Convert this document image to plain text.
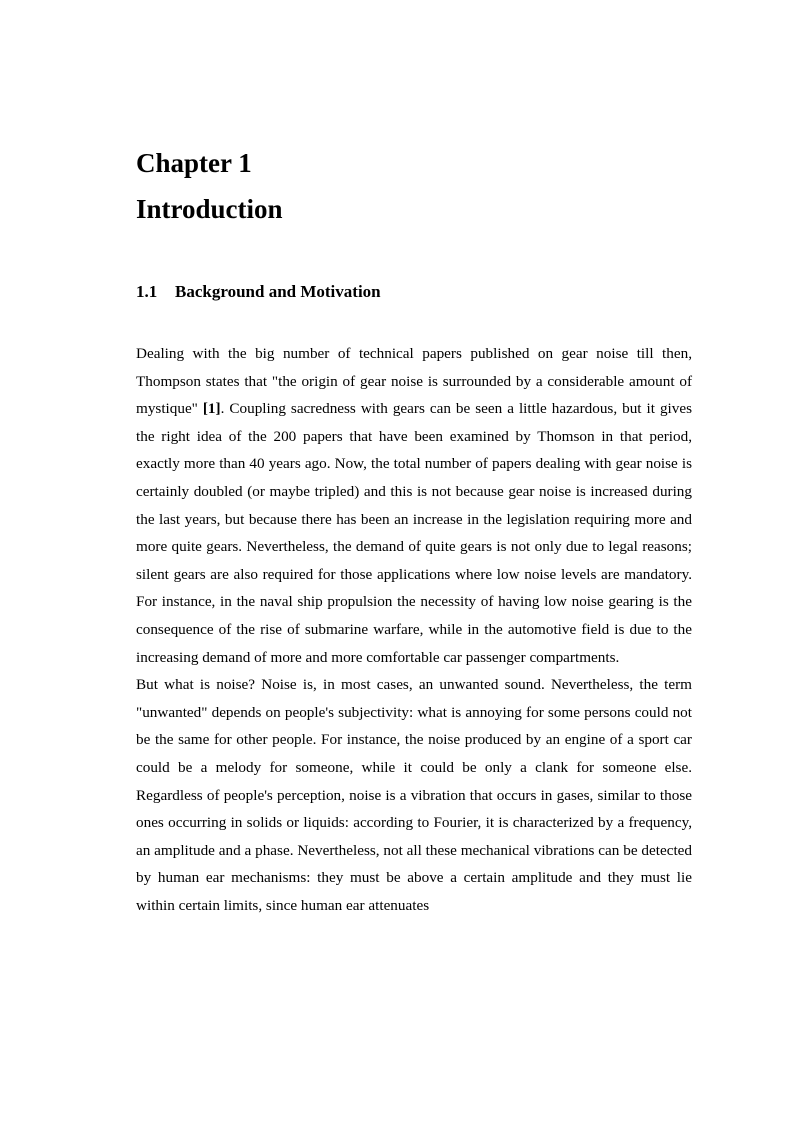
Chapter 1
Introduction
1.1 Background and Motivation

Dealing with the big number of technical papers published on gear noise till then, Thompson states that "the origin of gear noise is surrounded by a considerable amount of mystique" [1]. Coupling sacredness with gears can be seen a little hazardous, but it gives the right idea of the 200 papers that have been examined by Thomson in that period, exactly more than 40 years ago. Now, the total number of papers dealing with gear noise is certainly doubled (or maybe tripled) and this is not because gear noise is increased during the last years, but because there has been an increase in the legislation requiring more and more quite gears. Nevertheless, the demand of quite gears is not only due to legal reasons; silent gears are also required for those applications where low noise levels are mandatory. For instance, in the naval ship propulsion the necessity of having low noise gearing is the consequence of the rise of submarine warfare, while in the automotive field is due to the increasing demand of more and more comfortable car passenger compartments.

But what is noise? Noise is, in most cases, an unwanted sound. Nevertheless, the term "unwanted" depends on people's subjectivity: what is annoying for some persons could not be the same for other people. For instance, the noise produced by an engine of a sport car could be a melody for someone, while it could be only a clank for someone else. Regardless of people's perception, noise is a vibration that occurs in gases, similar to those ones occurring in solids or liquids: according to Fourier, it is characterized by a frequency, an amplitude and a phase. Nevertheless, not all these mechanical vibrations can be detected by human ear mechanisms: they must be above a certain amplitude and they must lie within certain limits, since human ear attenuates
